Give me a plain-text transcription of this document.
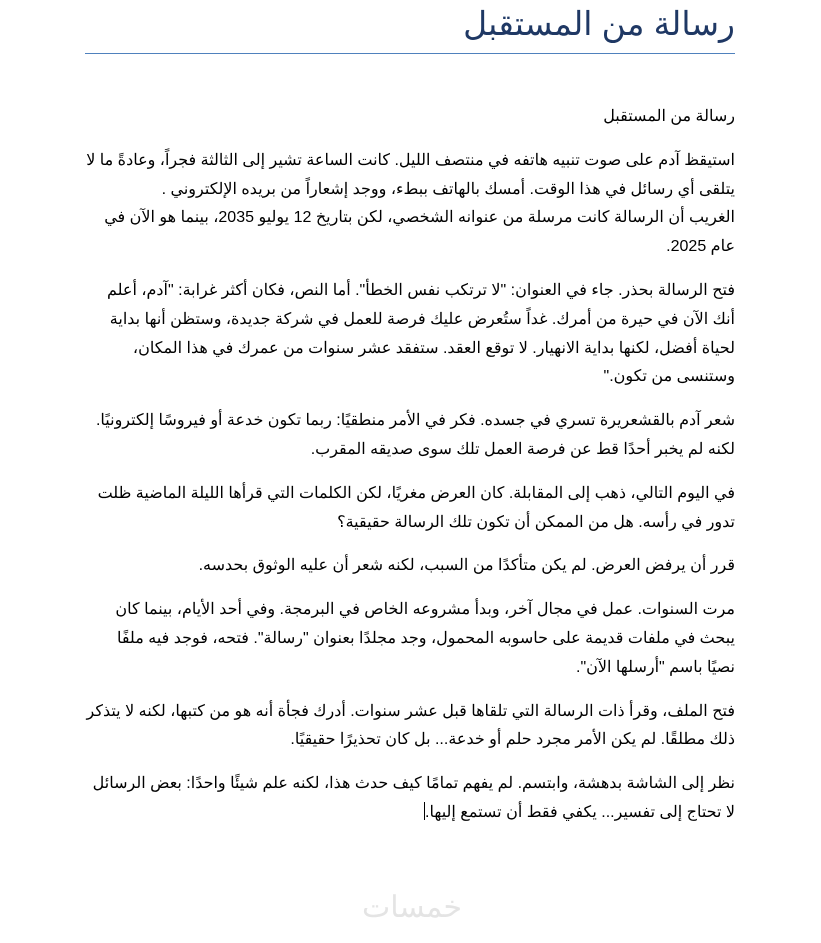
رسالة من المستقبل

رسالة من المستقبل

استيقظ آدم على صوت تنبيه هاتفه في منتصف الليل. كانت الساعة تشير إلى الثالثة فجراً، وعادةً ما لا يتلقى أي رسائل في هذا الوقت. أمسك بالهاتف ببطء، ووجد إشعاراً من بريده الإلكتروني .
الغريب أن الرسالة كانت مرسلة من عنوانه الشخصي، لكن بتاريخ 12 يوليو 2035، بينما هو الآن في عام 2025.

فتح الرسالة بحذر. جاء في العنوان: "لا ترتكب نفس الخطأ". أما النص، فكان أكثر غرابة: "آدم، أعلم أنك الآن في حيرة من أمرك. غداً ستُعرض عليك فرصة للعمل في شركة جديدة، وستظن أنها بداية لحياة أفضل، لكنها بداية الانهيار. لا توقع العقد. ستفقد عشر سنوات من عمرك في هذا المكان، وستنسى من تكون."

شعر آدم بالقشعريرة تسري في جسده. فكر في الأمر منطقيًا: ربما تكون خدعة أو فيروسًا إلكترونيًا. لكنه لم يخبر أحدًا قط عن فرصة العمل تلك سوى صديقه المقرب.

في اليوم التالي، ذهب إلى المقابلة. كان العرض مغريًا، لكن الكلمات التي قرأها الليلة الماضية ظلت تدور في رأسه. هل من الممكن أن تكون تلك الرسالة حقيقية؟

قرر أن يرفض العرض. لم يكن متأكدًا من السبب، لكنه شعر أن عليه الوثوق بحدسه.

مرت السنوات. عمل في مجال آخر، وبدأ مشروعه الخاص في البرمجة. وفي أحد الأيام، بينما كان يبحث في ملفات قديمة على حاسوبه المحمول، وجد مجلدًا بعنوان "رسالة". فتحه، فوجد فيه ملفًا نصيًا باسم "أرسلها الآن".

فتح الملف، وقرأ ذات الرسالة التي تلقاها قبل عشر سنوات. أدرك فجأة أنه هو من كتبها، لكنه لا يتذكر ذلك مطلقًا. لم يكن الأمر مجرد حلم أو خدعة... بل كان تحذيرًا حقيقيًا.

نظر إلى الشاشة بدهشة، وابتسم. لم يفهم تمامًا كيف حدث هذا، لكنه علم شيئًا واحدًا: بعض الرسائل لا تحتاج إلى تفسير... يكفي فقط أن تستمع إليها.

خمسات
